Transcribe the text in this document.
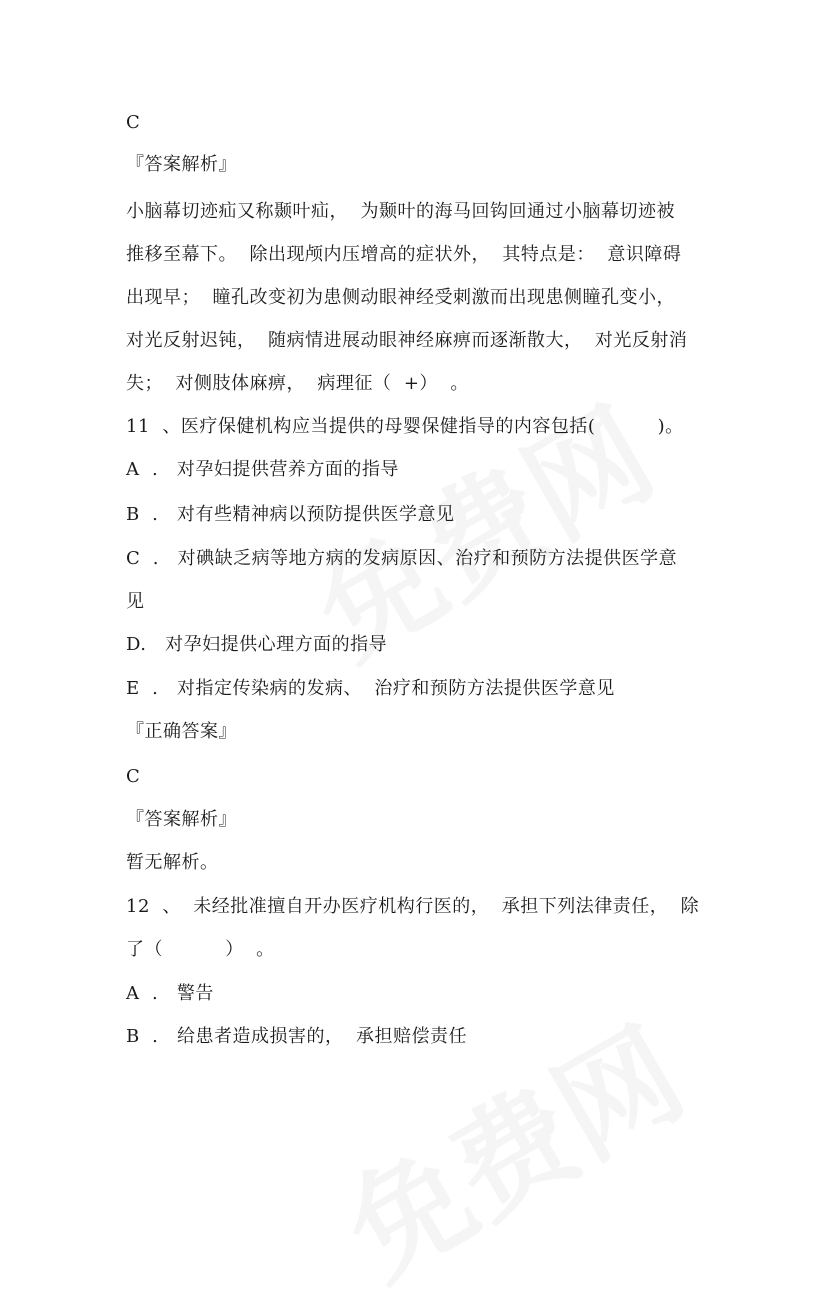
C
『答案解析』
小脑幕切迹疝又称颞叶疝，  为颞叶的海马回钩回通过小脑幕切迹被
推移至幕下。  除出现颅内压增高的症状外，  其特点是：  意识障碍
出现早；  瞳孔改变初为患侧动眼神经受刺激而出现患侧瞳孔变小，
对光反射迟钝，  随病情进展动眼神经麻痹而逐渐散大，  对光反射消
失；  对侧肢体麻痹，  病理征（  +）  。
11  、医疗保健机构应当提供的母婴保健指导的内容包括(          )。
A  .   对孕妇提供营养方面的指导
B  .   对有些精神病以预防提供医学意见
C  .   对碘缺乏病等地方病的发病原因、治疗和预防方法提供医学意
见
D.   对孕妇提供心理方面的指导
E  .   对指定传染病的发病、  治疗和预防方法提供医学意见
『正确答案』
C
『答案解析』
暂无解析。
12  、  未经批准擅自开办医疗机构行医的，  承担下列法律责任，  除
了（          ）  。
A  .   警告
B  .   给患者造成损害的，  承担赔偿责任
